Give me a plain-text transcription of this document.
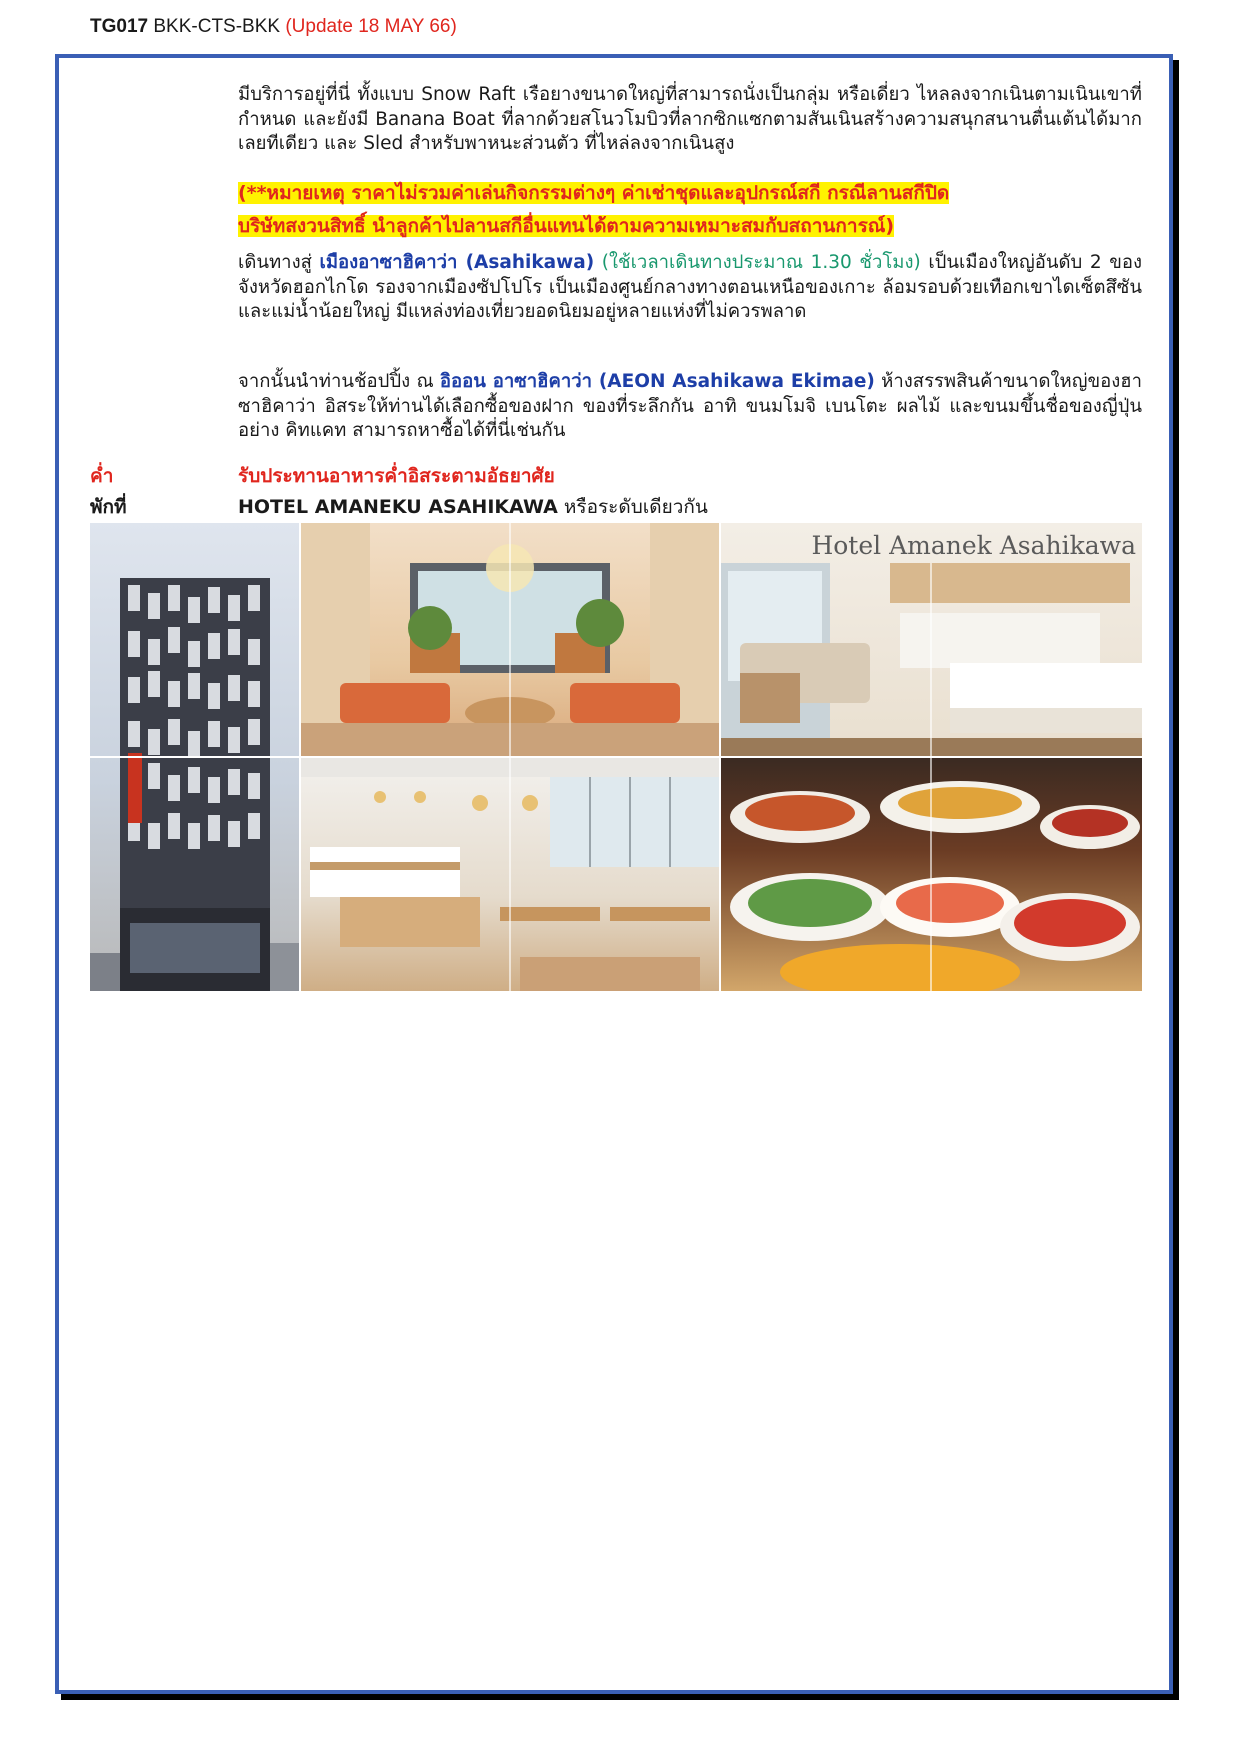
TG017 BKK-CTS-BKK (Update 18 MAY 66)
มีบริการอยู่ที่นี่ ทั้งแบบ Snow Raft เรือยางขนาดใหญ่ที่สามารถนั่งเป็นกลุ่ม หรือเดี่ยว ไหลลงจากเนินตามเนินเขาที่กำหนด และยังมี Banana Boat ที่ลากด้วยสโนวโมบิวที่ลากซิกแซกตามสันเนินสร้างความสนุกสนานตื่นเต้นได้มากเลยทีเดียว และ Sled สำหรับพาหนะส่วนตัว ที่ไหล่ลงจากเนินสูง
(**หมายเหตุ ราคาไม่รวมค่าเล่นกิจกรรมต่างๆ ค่าเช่าชุดและอุปกรณ์สกี กรณีลานสกีปิด
บริษัทสงวนสิทธิ์ นำลูกค้าไปลานสกีอื่นแทนได้ตามความเหมาะสมกับสถานการณ์)
เดินทางสู่ เมืองอาซาฮิคาว่า (Asahikawa) (ใช้เวลาเดินทางประมาณ 1.30 ชั่วโมง) เป็นเมืองใหญ่อันดับ 2 ของจังหวัดฮอกไกโด รองจากเมืองซัปโปโร เป็นเมืองศูนย์กลางทางตอนเหนือของเกาะ ล้อมรอบด้วยเทือกเขาไดเซ็ตสึซันและแม่น้ำน้อยใหญ่ มีแหล่งท่องเที่ยวยอดนิยมอยู่หลายแห่งที่ไม่ควรพลาด
จากนั้นนำท่านช้อปปิ้ง ณ อิออน อาซาฮิคาว่า (AEON Asahikawa Ekimae) ห้างสรรพสินค้าขนาดใหญ่ของฮาซาฮิคาว่า อิสระให้ท่านได้เลือกซื้อของฝาก ของที่ระลึกกัน อาทิ ขนมโมจิ เบนโตะ ผลไม้ และขนมขึ้นชื่อของญี่ปุ่น อย่าง คิทแคท สามารถหาซื้อได้ที่นี่เช่นกัน
ค่ำ	รับประทานอาหารค่ำอิสระตามอัธยาศัย
พักที่	HOTEL AMANEKU ASAHIKAWA หรือระดับเดียวกัน
Hotel Amanek Asahikawa
